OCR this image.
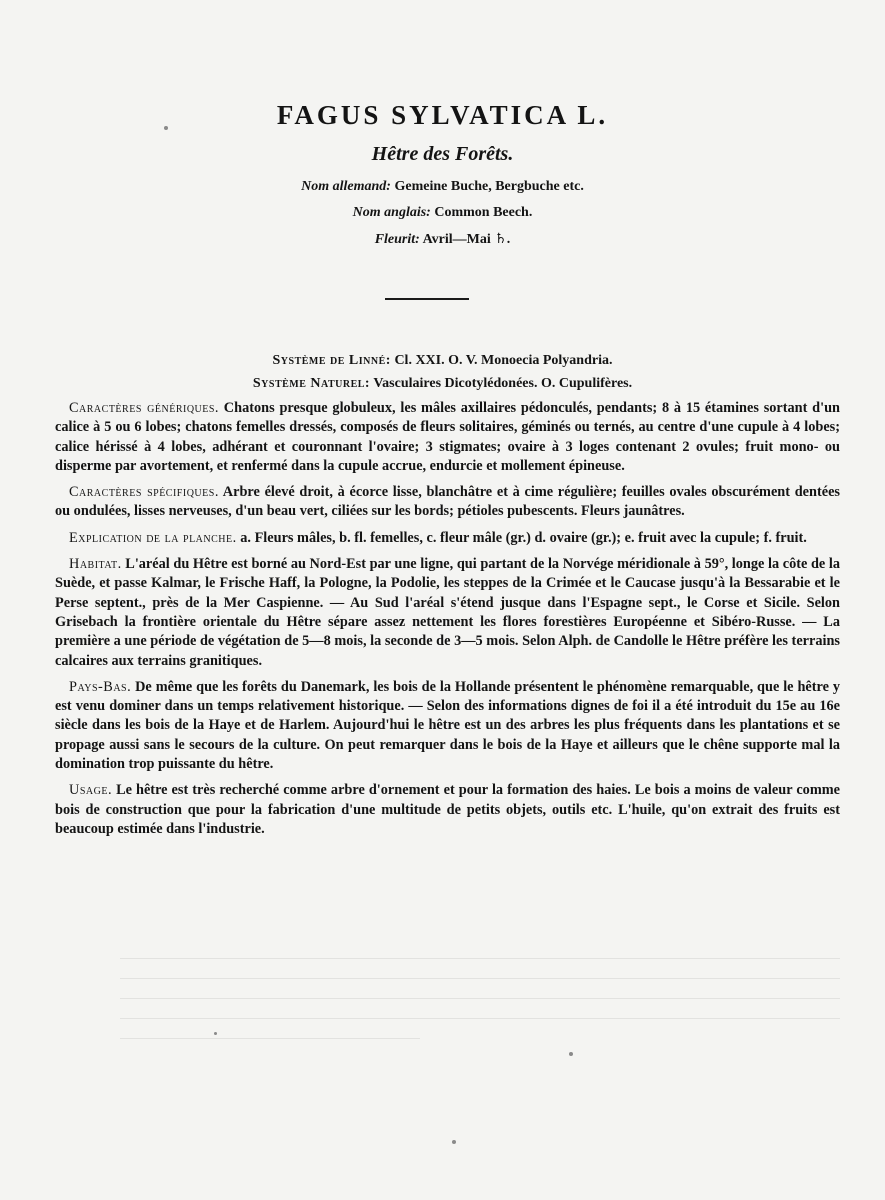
FAGUS SYLVATICA L.
Hêtre des Forêts.
Nom allemand: Gemeine Buche, Bergbuche etc.
Nom anglais: Common Beech.
Fleurit: Avril—Mai ♄.
Système de Linné: Cl. XXI. O. V. Monoecia Polyandria.
Système Naturel: Vasculaires Dicotylédonées. O. Cupulifères.

Caractères génériques. Chatons presque globuleux, les mâles axillaires pédonculés, pendants; 8 à 15 étamines sortant d'un calice à 5 ou 6 lobes; chatons femelles dressés, composés de fleurs solitaires, géminés ou ternés, au centre d'une cupule à 4 lobes; calice hérissé à 4 lobes, adhérant et couronnant l'ovaire; 3 stigmates; ovaire à 3 loges contenant 2 ovules; fruit mono- ou disperme par avortement, et renfermé dans la cupule accrue, endurcie et mollement épineuse.

Caractères spécifiques. Arbre élevé droit, à écorce lisse, blanchâtre et à cime régulière; feuilles ovales obscurément dentées ou ondulées, lisses nerveuses, d'un beau vert, ciliées sur les bords; pétioles pubescents. Fleurs jaunâtres.

Explication de la planche. a. Fleurs mâles, b. fl. femelles, c. fleur mâle (gr.) d. ovaire (gr.); e. fruit avec la cupule; f. fruit.

Habitat. L'aréal du Hêtre est borné au Nord-Est par une ligne, qui partant de la Norvége méridionale à 59°, longe la côte de la Suède, et passe Kalmar, le Frische Haff, la Pologne, la Podolie, les steppes de la Crimée et le Caucase jusqu'à la Bessarabie et le Perse septent., près de la Mer Caspienne. — Au Sud l'aréal s'étend jusque dans l'Espagne sept., le Corse et Sicile. Selon Grisebach la frontière orientale du Hêtre sépare assez nettement les flores forestières Européenne et Sibéro-Russe. — La première a une période de végétation de 5—8 mois, la seconde de 3—5 mois. Selon Alph. de Candolle le Hêtre préfère les terrains calcaires aux terrains granitiques.

Pays-Bas. De même que les forêts du Danemark, les bois de la Hollande présentent le phénomène remarquable, que le hêtre y est venu dominer dans un temps relativement historique. — Selon des informations dignes de foi il a été introduit du 15e au 16e siècle dans les bois de la Haye et de Harlem. Aujourd'hui le hêtre est un des arbres les plus fréquents dans les plantations et se propage aussi sans le secours de la culture. On peut remarquer dans le bois de la Haye et ailleurs que le chêne supporte mal la domination trop puissante du hêtre.

Usage. Le hêtre est très recherché comme arbre d'ornement et pour la formation des haies. Le bois a moins de valeur comme bois de construction que pour la fabrication d'une multitude de petits objets, outils etc. L'huile, qu'on extrait des fruits est beaucoup estimée dans l'industrie.
